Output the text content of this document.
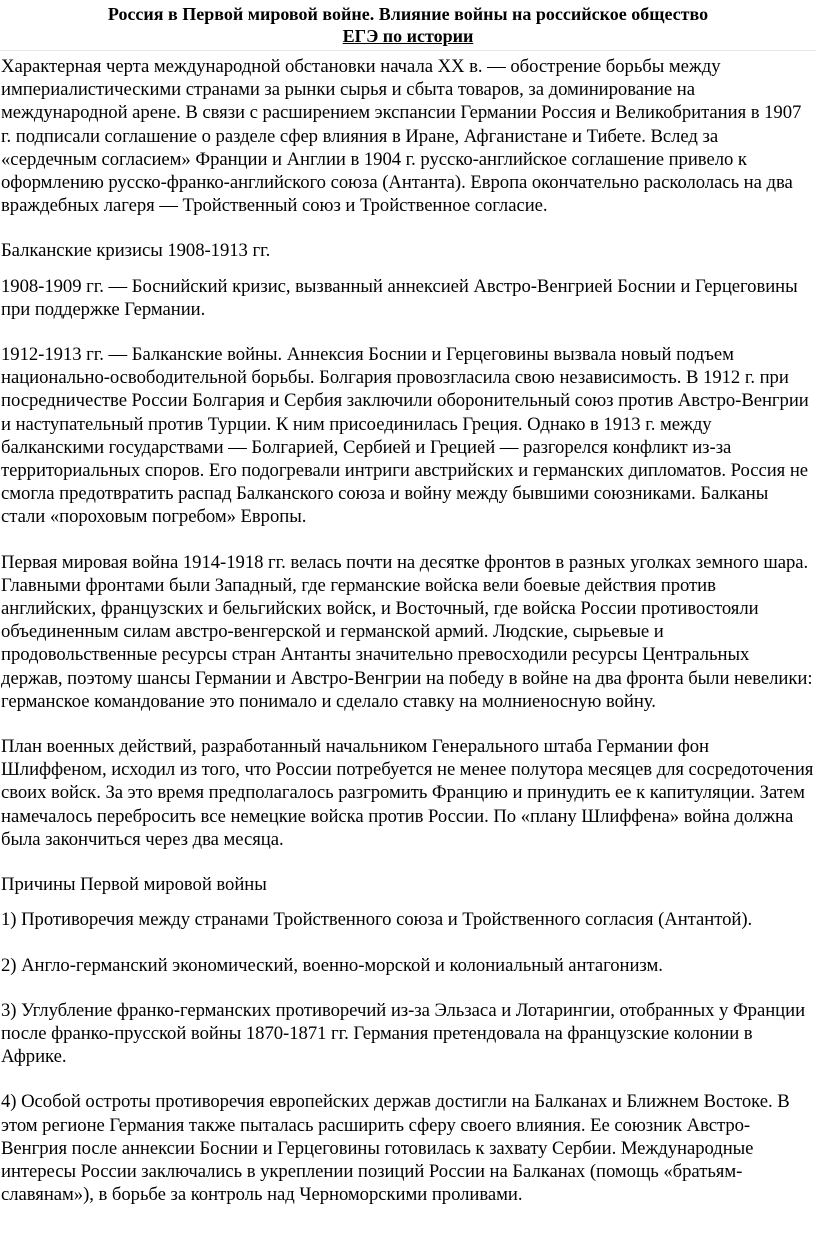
Россия в Первой мировой войне. Влияние войны на российское общество
ЕГЭ по истории

Характерная черта международной обстановки начала XX в. — обострение борьбы между империалистическими странами за рынки сырья и сбыта товаров, за доминирование на международной арене. В связи с расширением экспансии Германии Россия и Великобритания в 1907 г. подписали соглашение о разделе сфер влияния в Иране, Афганистане и Тибете. Вслед за «сердечным согласием» Франции и Англии в 1904 г. русско-английское соглашение привело к оформлению русско-франко-английского союза (Антанта). Европа окончательно раскололась на два враждебных лагеря — Тройственный союз и Тройственное согласие.

Балканские кризисы 1908-1913 гг.

1908-1909 гг. — Боснийский кризис, вызванный аннексией Австро-Венгрией Боснии и Герцеговины при поддержке Германии.

1912-1913 гг. — Балканские войны. Аннексия Боснии и Герцеговины вызвала новый подъем национально-освободительной борьбы. Болгария провозгласила свою независимость. В 1912 г. при посредничестве России Болгария и Сербия заключили оборонительный союз против Австро-Венгрии и наступательный против Турции. К ним присоединилась Греция. Однако в 1913 г. между балканскими государствами — Болгарией, Сербией и Грецией — разгорелся конфликт из-за территориальных споров. Его подогревали интриги австрийских и германских дипломатов. Россия не смогла предотвратить распад Балканского союза и войну между бывшими союзниками. Балканы стали «пороховым погребом» Европы.

Первая мировая война 1914-1918 гг. велась почти на десятке фронтов в разных уголках земного шара. Главными фронтами были Западный, где германские войска вели боевые действия против английских, французских и бельгийских войск, и Восточный, где войска России противостояли объединенным силам австро-венгерской и германской армий. Людские, сырьевые и продовольственные ресурсы стран Антанты значительно превосходили ресурсы Центральных держав, поэтому шансы Германии и Австро-Венгрии на победу в войне на два фронта были невелики: германское командование это понимало и сделало ставку на молниеносную войну.

План военных действий, разработанный начальником Генерального штаба Германии фон Шлиффеном, исходил из того, что России потребуется не менее полутора месяцев для сосредоточения своих войск. За это время предполагалось разгромить Францию и принудить ее к капитуляции. Затем намечалось перебросить все немецкие войска против России. По «плану Шлиффена» война должна была закончиться через два месяца.

Причины Первой мировой войны

1) Противоречия между странами Тройственного союза и Тройственного согласия (Антантой).

2) Англо-германский экономический, военно-морской и колониальный антагонизм.

3) Углубление франко-германских противоречий из-за Эльзаса и Лотарингии, отобранных у Франции после франко-прусской войны 1870-1871 гг. Германия претендовала на французские колонии в Африке.

4) Особой остроты противоречия европейских держав достигли на Балканах и Ближнем Востоке. В этом регионе Германия также пыталась расширить сферу своего влияния. Ее союзник Австро-Венгрия после аннексии Боснии и Герцеговины готовилась к захвату Сербии. Международные интересы России заключались в укреплении позиций России на Балканах (помощь «братьям-славянам»), в борьбе за контроль над Черноморскими проливами.
